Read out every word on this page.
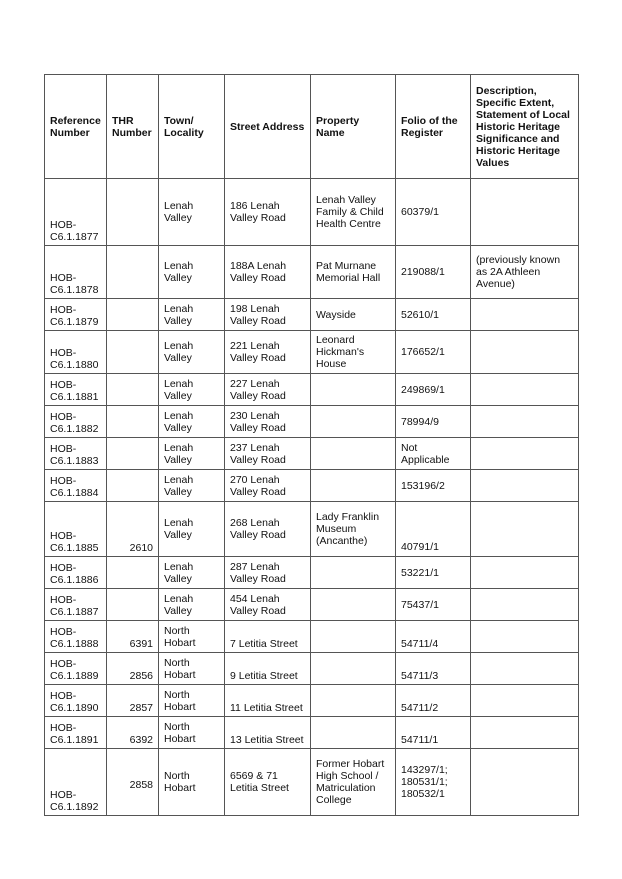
Reference Number	THR Number	Town/ Locality	Street Address	Property Name	Folio of the Register	Description, Specific Extent, Statement of Local Historic Heritage Significance and Historic Heritage Values
HOB-C6.1.1877		Lenah Valley	186 Lenah Valley Road	Lenah Valley Family & Child Health Centre	60379/1	
HOB-C6.1.1878		Lenah Valley	188A Lenah Valley Road	Pat Murnane Memorial Hall	219088/1	(previously known as 2A Athleen Avenue)
HOB-C6.1.1879		Lenah Valley	198 Lenah Valley Road	Wayside	52610/1	
HOB-C6.1.1880		Lenah Valley	221 Lenah Valley Road	Leonard Hickman's House	176652/1	
HOB-C6.1.1881		Lenah Valley	227 Lenah Valley Road		249869/1	
HOB-C6.1.1882		Lenah Valley	230 Lenah Valley Road		78994/9	
HOB-C6.1.1883		Lenah Valley	237 Lenah Valley Road		Not Applicable	
HOB-C6.1.1884		Lenah Valley	270 Lenah Valley Road		153196/2	
HOB-C6.1.1885	2610	Lenah Valley	268 Lenah Valley Road	Lady Franklin Museum (Ancanthe)	40791/1	
HOB-C6.1.1886		Lenah Valley	287 Lenah Valley Road		53221/1	
HOB-C6.1.1887		Lenah Valley	454 Lenah Valley Road		75437/1	
HOB-C6.1.1888	6391	North Hobart	7 Letitia Street		54711/4	
HOB-C6.1.1889	2856	North Hobart	9 Letitia Street		54711/3	
HOB-C6.1.1890	2857	North Hobart	11 Letitia Street		54711/2	
HOB-C6.1.1891	6392	North Hobart	13 Letitia Street		54711/1	
HOB-C6.1.1892	2858	North Hobart	6569 & 71 Letitia Street	Former Hobart High School / Matriculation College	143297/1; 180531/1; 180532/1	
